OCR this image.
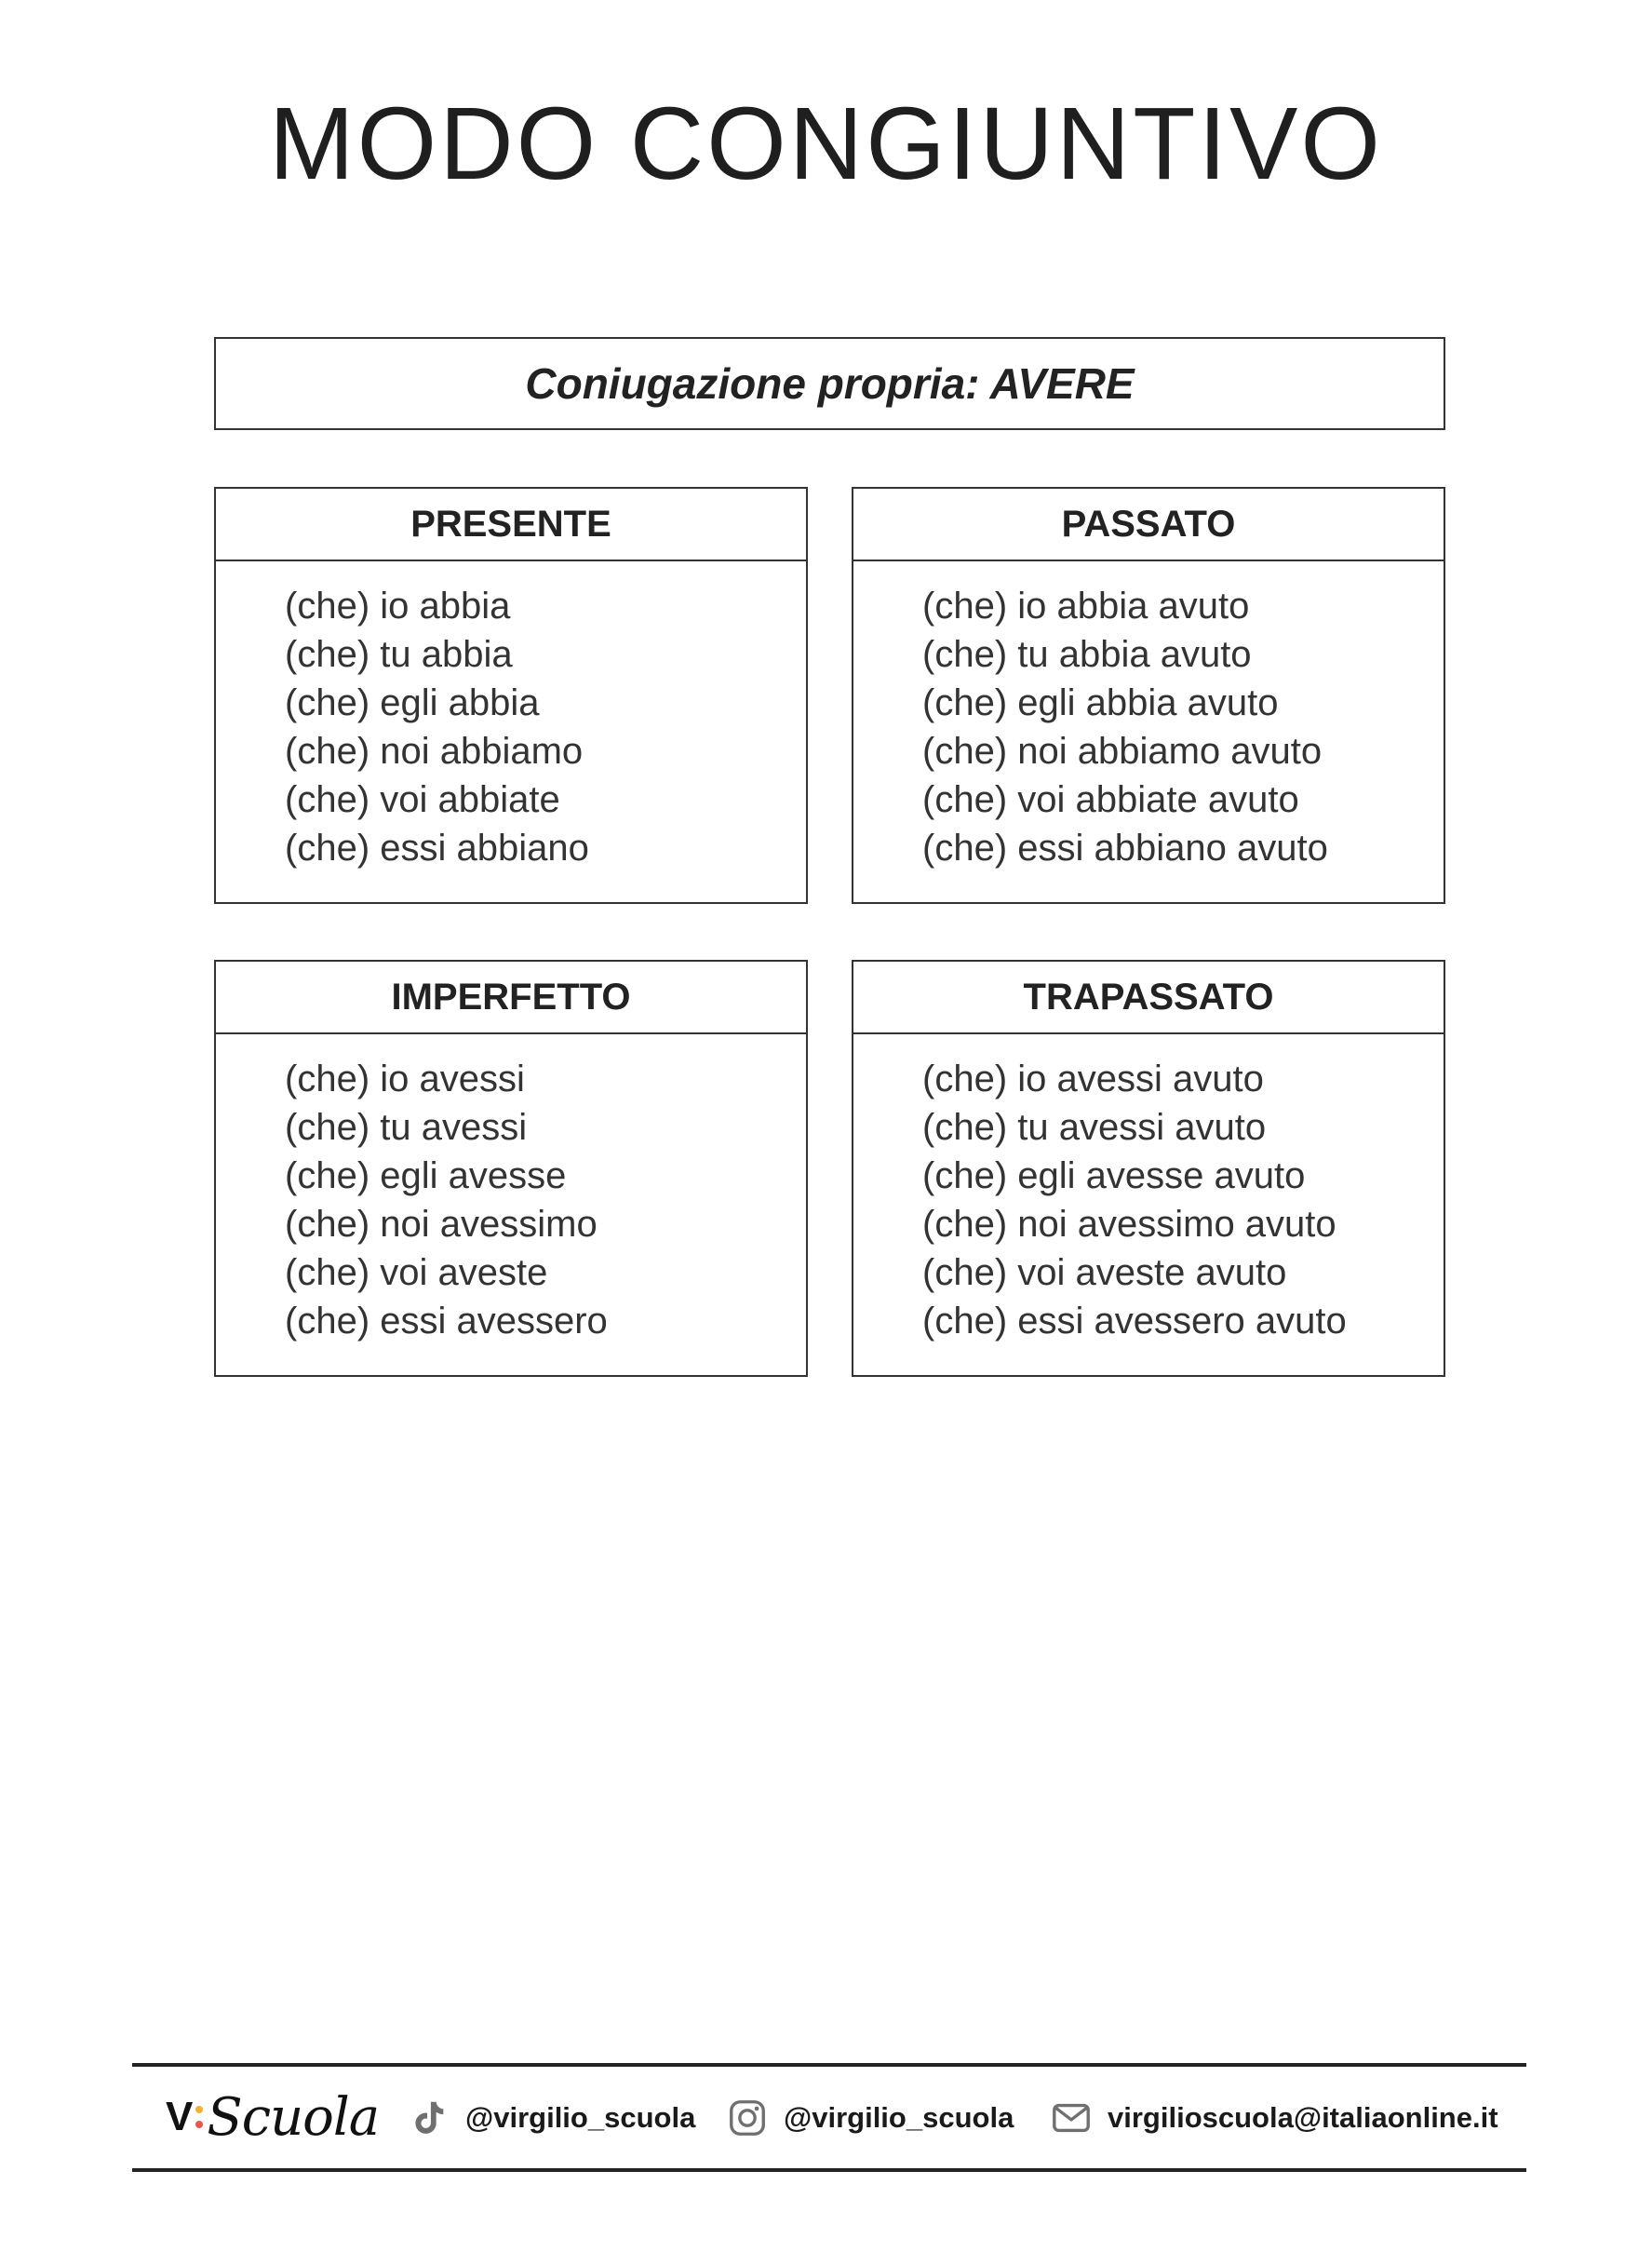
MODO CONGIUNTIVO
Coniugazione propria: AVERE
PRESENTE
(che) io abbia
(che) tu abbia
(che) egli abbia
(che) noi abbiamo
(che) voi abbiate
(che) essi abbiano
PASSATO
(che) io abbia avuto
(che) tu abbia avuto
(che) egli abbia avuto
(che) noi abbiamo avuto
(che) voi abbiate avuto
(che) essi abbiano avuto
IMPERFETTO
(che) io avessi
(che) tu avessi
(che) egli avesse
(che) noi avessimo
(che) voi aveste
(che) essi avessero
TRAPASSATO
(che) io avessi avuto
(che) tu avessi avuto
(che) egli avesse avuto
(che) noi avessimo avuto
(che) voi aveste avuto
(che) essi avessero avuto
V Scuola	@virgilio_scuola	@virgilio_scuola	virgilioscuola@italiaonline.it
